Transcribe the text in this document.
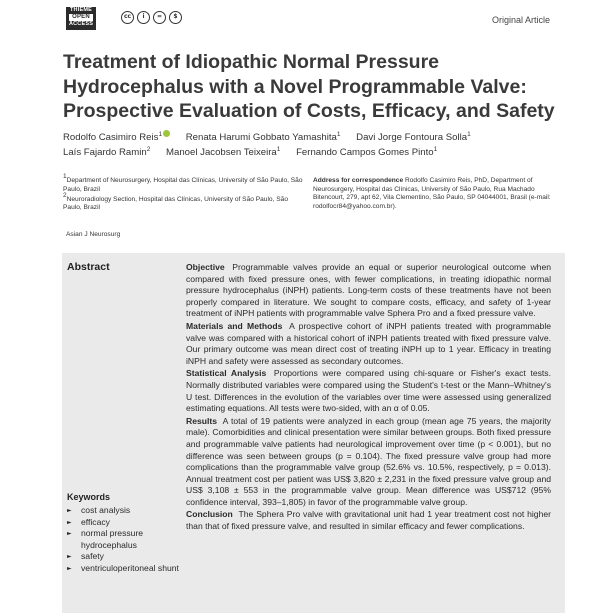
THIEME
OPEN
ACCESS
cc	i	=	$	Original Article
Treatment of Idiopathic Normal Pressure Hydrocephalus with a Novel Programmable Valve: Prospective Evaluation of Costs, Efficacy, and Safety
Rodolfo Casimiro Reis$^1$ Renata Harumi Gobbato Yamashita$^1$ Davi Jorge Fontoura Solla$^1$
Laís Fajardo Ramin$^2$ Manoel Jacobsen Teixeira$^1$ Fernando Campos Gomes Pinto$^1$
$^1$Department of Neurosurgery, Hospital das Clínicas, University of São Paulo, São Paulo, Brazil
$^2$Neuroradiology Section, Hospital das Clínicas, University of São Paulo, São Paulo, Brazil
Asian J Neurosurg
Address for correspondence Rodolfo Casimiro Reis, PhD, Department of Neurosurgery, Hospital das Clínicas, University of São Paulo, Rua Machado Bitencourt, 279, apt 62, Vila Clementino, São Paulo, SP 04044001, Brasil (e-mail: rodolfocr84@yahoo.com.br).
Abstract	Objective Programmable valves provide an equal or superior neurological outcome when compared with fixed pressure ones, with fewer complications, in treating idiopathic normal pressure hydrocephalus (iNPH) patients. Long-term costs of these treatments have not been properly compared in literature. We sought to compare costs, efficacy, and safety of 1-year treatment of iNPH patients with programmable valve Sphera Pro and a fixed pressure valve.

Materials and Methods A prospective cohort of iNPH patients treated with programmable valve was compared with a historical cohort of iNPH patients treated with fixed pressure valve. Our primary outcome was mean direct cost of treating iNPH up to 1 year. Efficacy in treating iNPH and safety were assessed as secondary outcomes.

Statistical Analysis Proportions were compared using chi-square or Fisher's exact tests. Normally distributed variables were compared using the Student's t-test or the Mann–Whitney's U test. Differences in the evolution of the variables over time were assessed using generalized estimating equations. All tests were two-sided, with an α of 0.05.

Results A total of 19 patients were analyzed in each group (mean age 75 years, the majority male). Comorbidities and clinical presentation were similar between groups. Both fixed pressure and programmable valve patients had neurological improvement over time (p < 0.001), but no difference was seen between groups (p = 0.104). The fixed pressure valve group had more complications than the programmable valve group (52.6% vs. 10.5%, respectively, p = 0.013). Annual treatment cost per patient was US$ 3,820 ± 2,231 in the fixed pressure valve group and US$ 3,108 ± 553 in the programmable valve group. Mean difference was US$712 (95% confidence interval, 393–1,805) in favor of the programmable valve group.

Conclusion The Sphera Pro valve with gravitational unit had 1 year treatment cost not higher than that of fixed pressure valve, and resulted in similar efficacy and fewer complications.

Keywords
► cost analysis
► efficacy
► normal pressure hydrocephalus
► safety
► ventriculoperitoneal shunt
